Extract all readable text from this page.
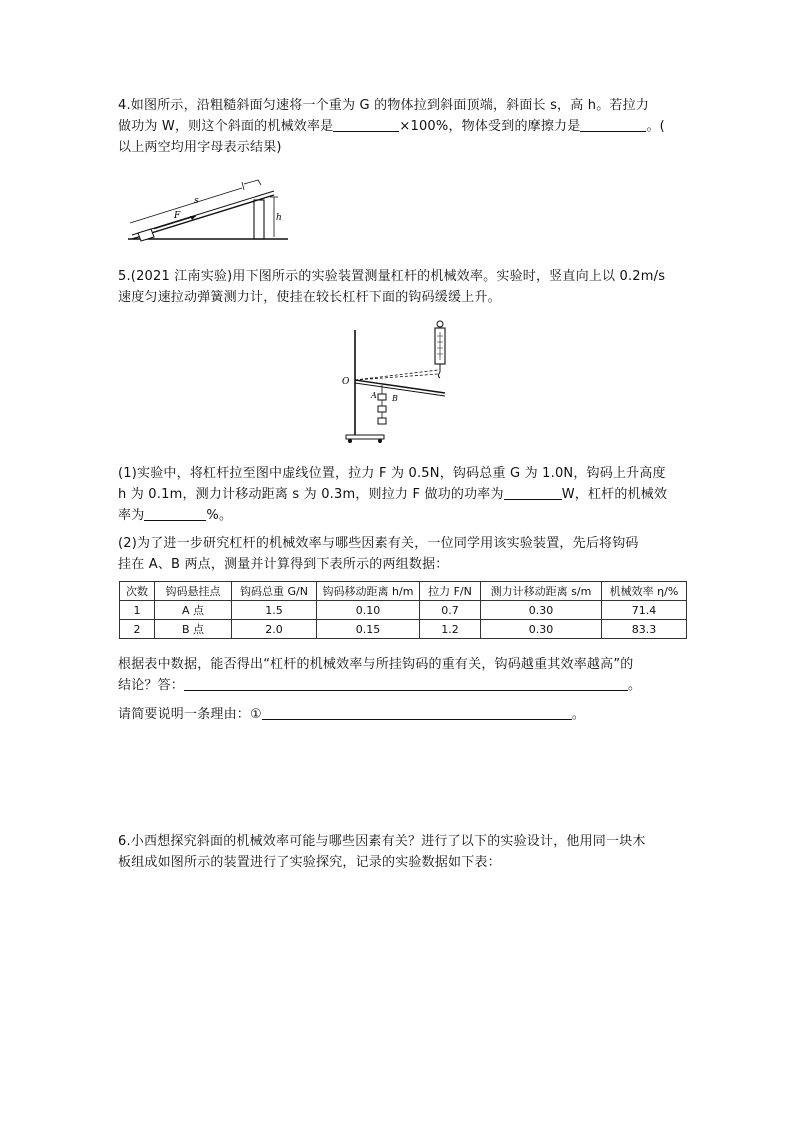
4.如图所示，沿粗糙斜面匀速将一个重为 G 的物体拉到斜面顶端，斜面长 s，高 h。若拉力
做功为 W，则这个斜面的机械效率是	×100%，物体受到的摩擦力是	。(
以上两空均用字母表示结果)
s
F	h
5.(2021 江南实验)用下图所示的实验装置测量杠杆的机械效率。实验时，竖直向上以 0.2m/s
速度匀速拉动弹簧测力计，使挂在较长杠杆下面的钩码缓缓上升。
O
A B
(1)实验中，将杠杆拉至图中虚线位置，拉力 F 为 0.5N，钩码总重 G 为 1.0N，钩码上升高度
h 为 0.1m，测力计移动距离 s 为 0.3m，则拉力 F 做功的功率为	W，杠杆的机械效
率为	%。
(2)为了进一步研究杠杆的机械效率与哪些因素有关，一位同学用该实验装置，先后将钩码
挂在 A、B 两点，测量并计算得到下表所示的两组数据：
次数	钩码悬挂点	钩码总重 G/N	钩码移动距离 h/m	拉力 F/N	测力计移动距离 s/m	机械效率 η/%
1	A 点	1.5	0.10	0.7	0.30	71.4
2	B 点	2.0	0.15	1.2	0.30	83.3
根据表中数据，能否得出“杠杆的机械效率与所挂钩码的重有关，钩码越重其效率越高”的
结论？答：	。
请简要说明一条理由：①	。
6.小西想探究斜面的机械效率可能与哪些因素有关？进行了以下的实验设计，他用同一块木
板组成如图所示的装置进行了实验探究，记录的实验数据如下表：
